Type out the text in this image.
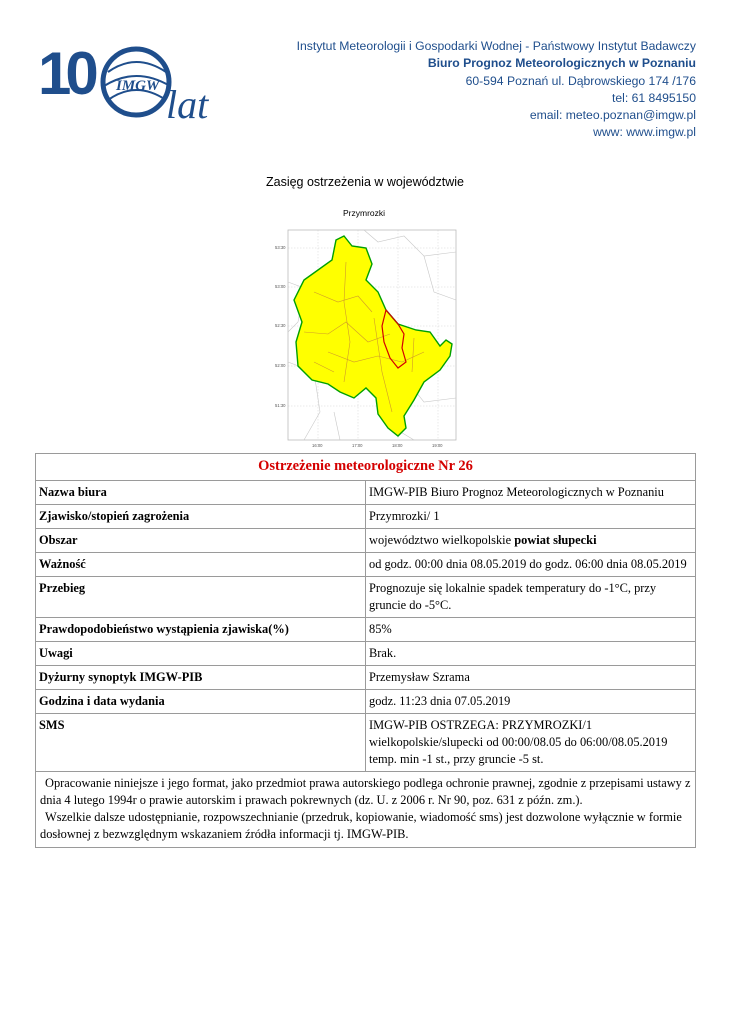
10 IMGW lat
Instytut Meteorologii i Gospodarki Wodnej - Państwowy Instytut Badawczy
Biuro Prognoz Meteorologicznych w Poznaniu
60-594 Poznań ul. Dąbrowskiego 174 /176
tel: 61 8495150
email: meteo.poznan@imgw.pl
www: www.imgw.pl
Zasięg ostrzeżenia w województwie
Przymrozki
53:30
53:00
52:30
52:00
51:30
16:00	17:00	18:00	19:00
Ostrzeżenie meteorologiczne Nr 26	
Nazwa biura	IMGW-PIB Biuro Prognoz Meteorologicznych w Poznaniu
Zjawisko/stopień zagrożenia	Przymrozki/ 1
Obszar	województwo wielkopolskie powiat słupecki
Ważność	od godz. 00:00 dnia 08.05.2019 do godz. 06:00 dnia 08.05.2019
Przebieg	Prognozuje się lokalnie spadek temperatury do -1°C, przy gruncie do -5°C.
Prawdopodobieństwo wystąpienia zjawiska(%)	85%
Uwagi	Brak.
Dyżurny synoptyk IMGW-PIB	Przemysław Szrama
Godzina i data wydania	godz. 11:23 dnia 07.05.2019
SMS	IMGW-PIB OSTRZEGA: PRZYMROZKI/1 wielkopolskie/slupecki od 00:00/08.05 do 06:00/08.05.2019 temp. min -1 st., przy gruncie -5 st.

Opracowanie niniejsze i jego format, jako przedmiot prawa autorskiego podlega ochronie prawnej, zgodnie z przepisami ustawy z dnia 4 lutego 1994r o prawie autorskim i prawach pokrewnych (dz. U. z 2006 r. Nr 90, poz. 631 z późn. zm.).

Wszelkie dalsze udostępnianie, rozpowszechnianie (przedruk, kopiowanie, wiadomość sms) jest dozwolone wyłącznie w formie dosłownej z bezwzględnym wskazaniem źródła informacji tj. IMGW-PIB.	
